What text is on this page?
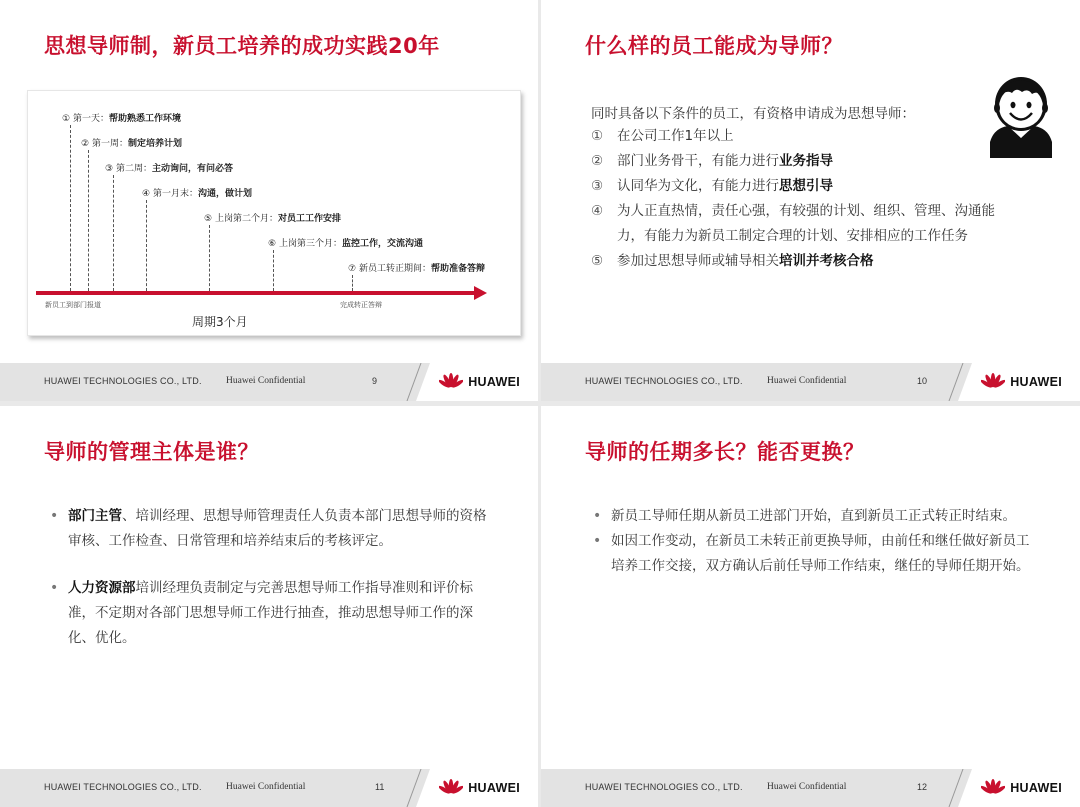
思想导师制，新员工培养的成功实践20年
① 第一天：帮助熟悉工作环境
② 第一周：制定培养计划
③ 第二周：主动询问，有问必答
④ 第一月末：沟通，做计划
⑤ 上岗第二个月：对员工工作安排
⑥ 上岗第三个月：监控工作，交流沟通
⑦ 新员工转正期间：帮助准备答辩
新员工到部门报道	完成转正答辩
周期3个月
HUAWEI TECHNOLOGIES CO., LTD.	Huawei Confidential	9	HUAWEI
什么样的员工能成为导师？
同时具备以下条件的员工，有资格申请成为思想导师：
① 在公司工作1年以上
② 部门业务骨干，有能力进行业务指导
③ 认同华为文化，有能力进行思想引导
④ 为人正直热情，责任心强，有较强的计划、组织、管理、沟通能力，有能力为新员工制定合理的计划、安排相应的工作任务
⑤ 参加过思想导师或辅导相关培训并考核合格
HUAWEI TECHNOLOGIES CO., LTD.	Huawei Confidential	10	HUAWEI
导师的管理主体是谁？
• 部门主管、培训经理、思想导师管理责任人负责本部门思想导师的资格审核、工作检查、日常管理和培养结束后的考核评定。
• 人力资源部培训经理负责制定与完善思想导师工作指导准则和评价标准，不定期对各部门思想导师工作进行抽查，推动思想导师工作的深化、优化。
HUAWEI TECHNOLOGIES CO., LTD.	Huawei Confidential	11	HUAWEI
导师的任期多长？能否更换？
• 新员工导师任期从新员工进部门开始，直到新员工正式转正时结束。
• 如因工作变动，在新员工未转正前更换导师，由前任和继任做好新员工培养工作交接，双方确认后前任导师工作结束，继任的导师任期开始。
HUAWEI TECHNOLOGIES CO., LTD.	Huawei Confidential	12	HUAWEI
